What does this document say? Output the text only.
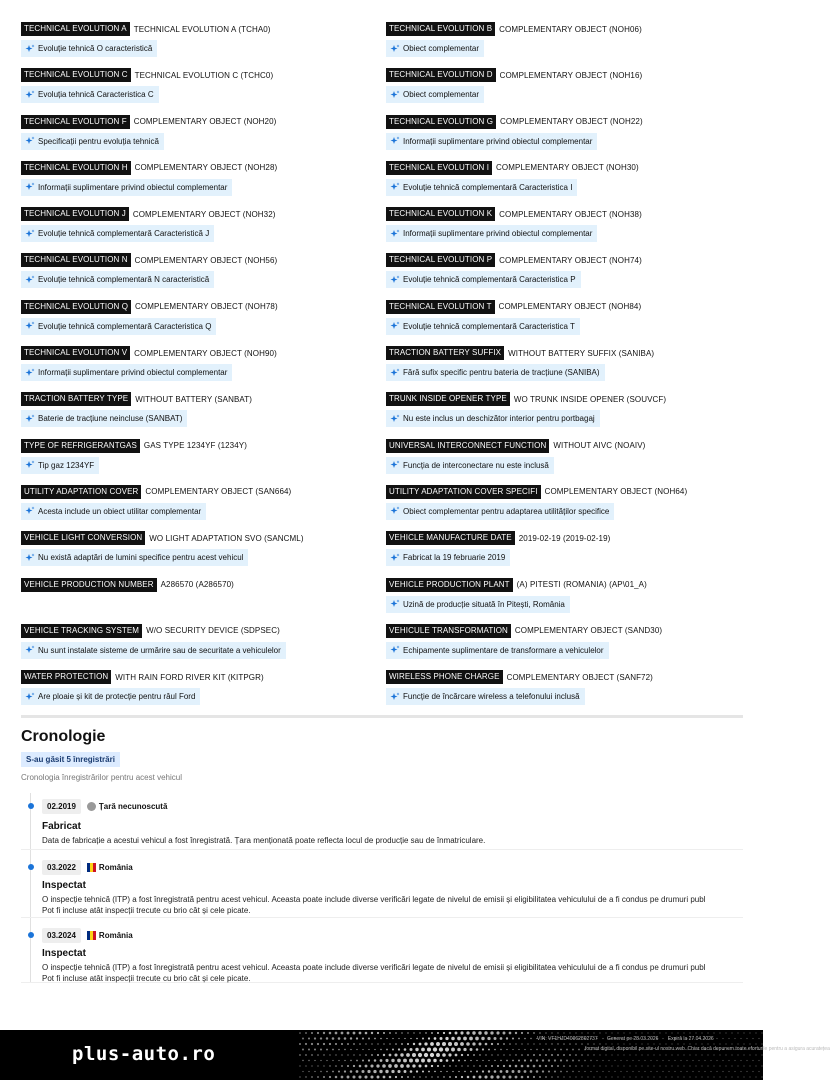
TECHNICAL EVOLUTION A TECHNICAL EVOLUTION A (TCHA0)
Evoluție tehnică O caracteristică
TECHNICAL EVOLUTION B COMPLEMENTARY OBJECT (NOH06)
Obiect complementar
TECHNICAL EVOLUTION C TECHNICAL EVOLUTION C (TCHC0)
Evoluția tehnică Caracteristica C
TECHNICAL EVOLUTION D COMPLEMENTARY OBJECT (NOH16)
Obiect complementar
TECHNICAL EVOLUTION F COMPLEMENTARY OBJECT (NOH20)
Specificații pentru evoluția tehnică
TECHNICAL EVOLUTION G COMPLEMENTARY OBJECT (NOH22)
Informații suplimentare privind obiectul complementar
TECHNICAL EVOLUTION H COMPLEMENTARY OBJECT (NOH28)
Informații suplimentare privind obiectul complementar
TECHNICAL EVOLUTION I COMPLEMENTARY OBJECT (NOH30)
Evoluție tehnică complementară Caracteristica I
TECHNICAL EVOLUTION J COMPLEMENTARY OBJECT (NOH32)
Evoluție tehnică complementară Caracteristică J
TECHNICAL EVOLUTION K COMPLEMENTARY OBJECT (NOH38)
Informații suplimentare privind obiectul complementar
TECHNICAL EVOLUTION N COMPLEMENTARY OBJECT (NOH56)
Evoluție tehnică complementară N caracteristică
TECHNICAL EVOLUTION P COMPLEMENTARY OBJECT (NOH74)
Evoluție tehnică complementară Caracteristica P
TECHNICAL EVOLUTION Q COMPLEMENTARY OBJECT (NOH78)
Evoluție tehnică complementară Caracteristica Q
TECHNICAL EVOLUTION T COMPLEMENTARY OBJECT (NOH84)
Evoluție tehnică complementară Caracteristica T
TECHNICAL EVOLUTION V COMPLEMENTARY OBJECT (NOH90)
Informații suplimentare privind obiectul complementar
TRACTION BATTERY SUFFIX WITHOUT BATTERY SUFFIX (SANIBA)
Fără sufix specific pentru bateria de tracțiune (SANIBA)
TRACTION BATTERY TYPE WITHOUT BATTERY (SANBAT)
Baterie de tracțiune neincluse (SANBAT)
TRUNK INSIDE OPENER TYPE WO TRUNK INSIDE OPENER (SOUVCF)
Nu este inclus un deschizător interior pentru portbagaj
TYPE OF REFRIGERANTGAS GAS TYPE 1234YF (1234Y)
Tip gaz 1234YF
UNIVERSAL INTERCONNECT FUNCTION WITHOUT AIVC (NOAIV)
Funcția de interconectare nu este inclusă
UTILITY ADAPTATION COVER COMPLEMENTARY OBJECT (SAN664)
Acesta include un obiect utilitar complementar
UTILITY ADAPTATION COVER SPECIFI COMPLEMENTARY OBJECT (NOH64)
Obiect complementar pentru adaptarea utilităților specifice
VEHICLE LIGHT CONVERSION WO LIGHT ADAPTATION SVO (SANCML)
Nu există adaptări de lumini specifice pentru acest vehicul
VEHICLE MANUFACTURE DATE 2019-02-19 (2019-02-19)
Fabricat la 19 februarie 2019
VEHICLE PRODUCTION NUMBER A286570 (A286570)	VEHICLE PRODUCTION PLANT (A) PITESTI (ROMANIA) (AP\01_A)
Uzină de producție situată în Pitești, România
VEHICLE TRACKING SYSTEM W/O SECURITY DEVICE (SDPSEC)
Nu sunt instalate sisteme de urmărire sau de securitate a vehiculelor
VEHICULE TRANSFORMATION COMPLEMENTARY OBJECT (SAND30)
Echipamente suplimentare de transformare a vehiculelor
WATER PROTECTION WITH RAIN FORD RIVER KIT (KITPGR)
Are ploaie și kit de protecție pentru râul Ford
WIRELESS PHONE CHARGE COMPLEMENTARY OBJECT (SANF72)
Funcție de încărcare wireless a telefonului inclusă
Cronologie
S-au găsit 5 înregistrări
Cronologia înregistrărilor pentru acest vehicul
02.2019	Țară necunoscută
Fabricat
Data de fabricație a acestui vehicul a fost înregistrată. Țara menționată poate reflecta locul de producție sau de înmatriculare.
03.2022	România
Inspectat
O inspecție tehnică (ITP) a fost înregistrată pentru acest vehicul. Aceasta poate include diverse verificări legate de nivelul de emisii și eligibilitatea vehiculului de a fi condus pe drumuri publ
Pot fi incluse atât inspecții trecute cu brio cât și cele picate.
03.2024	România
Inspectat
O inspecție tehnică (ITP) a fost înregistrată pentru acest vehicul. Aceasta poate include diverse verificări legate de nivelul de emisii și eligibilitatea vehiculului de a fi condus pe drumuri publ
Pot fi incluse atât inspecții trecute cu brio cât și cele picate.
plus-auto.ro
VIN: VF1HJD40962802737 Generat pe 28.03.2026 Expiră la 27.04.2026
format digital, disponibil pe site-ul nostru web. Chiar dacă depunem toate eforturile pentru a asigura acuratețea
